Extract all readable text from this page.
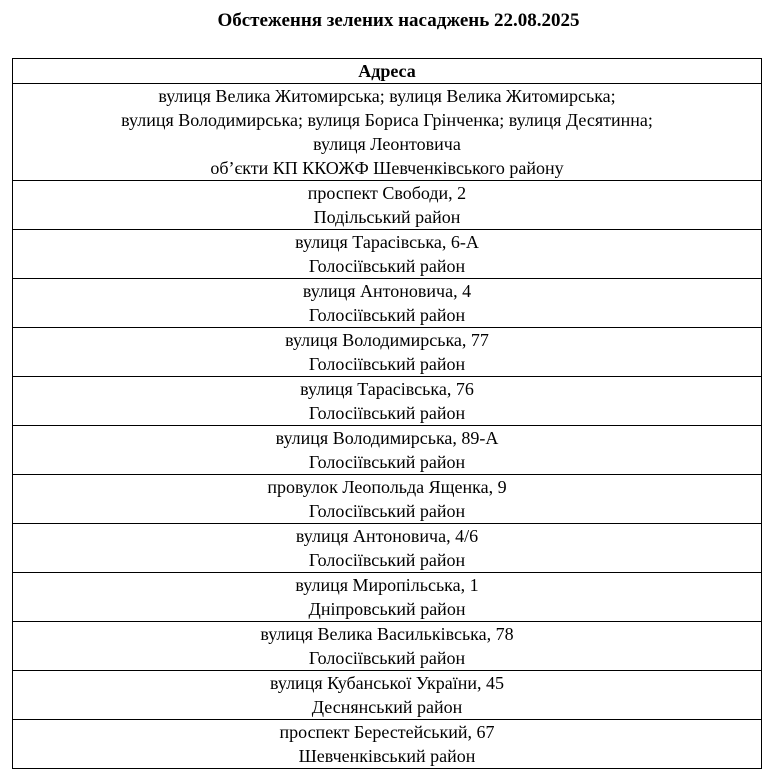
Обстеження зелених насаджень 22.08.2025
Адреса

вулиця Велика Житомирська; вулиця Велика Житомирська;
вулиця Володимирська; вулиця Бориса Грінченка; вулиця Десятинна;
вулиця Леонтовича
об’єкти КП ККОЖФ Шевченківського району

проспект Свободи, 2
Подільський район

вулиця Тарасівська, 6-А
Голосіївський район

вулиця Антоновича, 4
Голосіївський район

вулиця Володимирська, 77
Голосіївський район

вулиця Тарасівська, 76
Голосіївський район

вулиця Володимирська, 89-А
Голосіївський район

провулок Леопольда Ященка, 9
Голосіївський район

вулиця Антоновича, 4/6
Голосіївський район

вулиця Миропільська, 1
Дніпровський район

вулиця Велика Васильківська, 78
Голосіївський район

вулиця Кубанської України, 45
Деснянський район

проспект Берестейський, 67
Шевченківський район
